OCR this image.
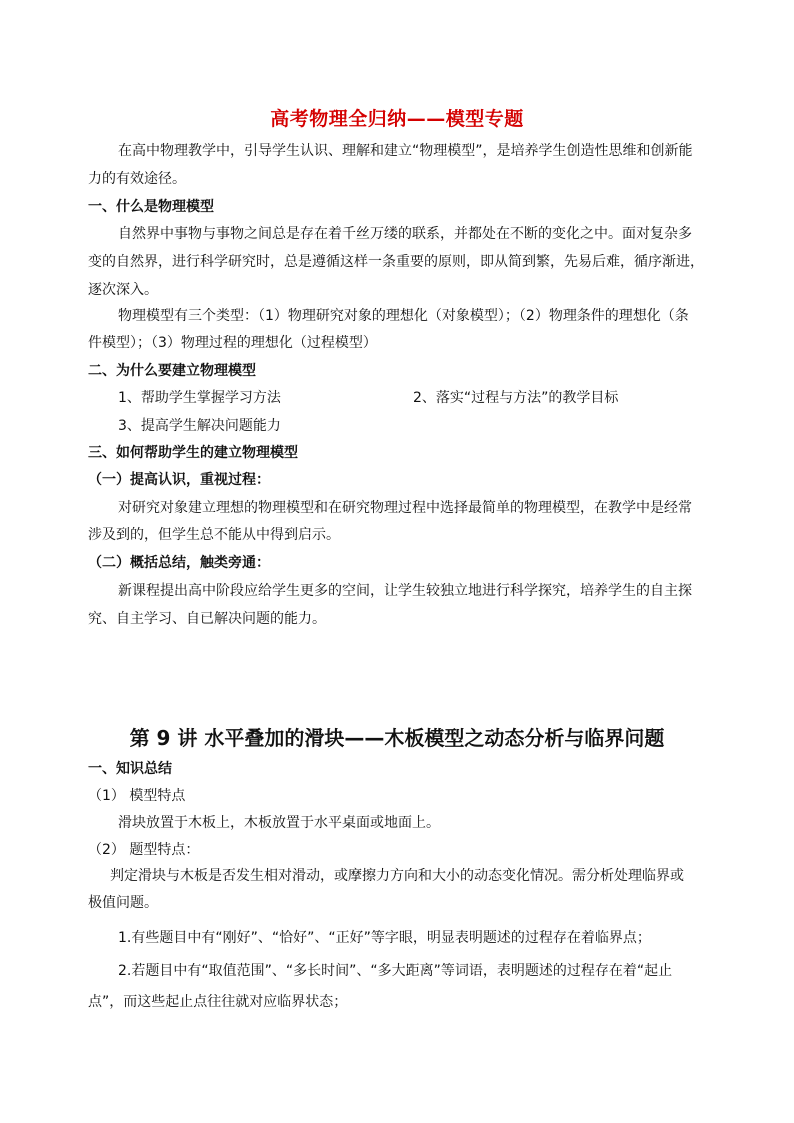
高考物理全归纳——模型专题
在高中物理教学中，引导学生认识、理解和建立“物理模型”，是培养学生创造性思维和创新能
力的有效途径。
一、什么是物理模型
自然界中事物与事物之间总是存在着千丝万缕的联系，并都处在不断的变化之中。面对复杂多
变的自然界，进行科学研究时，总是遵循这样一条重要的原则，即从简到繁，先易后难，循序渐进，
逐次深入。
物理模型有三个类型：（1）物理研究对象的理想化（对象模型）；（2）物理条件的理想化（条
件模型）；（3）物理过程的理想化（过程模型）
二、为什么要建立物理模型
1、帮助学生掌握学习方法	2、落实“过程与方法”的教学目标
3、提高学生解决问题能力
三、如何帮助学生的建立物理模型
（一）提高认识，重视过程：
对研究对象建立理想的物理模型和在研究物理过程中选择最简单的物理模型，在教学中是经常
涉及到的，但学生总不能从中得到启示。
（二）概括总结，触类旁通：
新课程提出高中阶段应给学生更多的空间，让学生较独立地进行科学探究，培养学生的自主探
究、自主学习、自已解决问题的能力。
第 9 讲 水平叠加的滑块——木板模型之动态分析与临界问题
一、知识总结
（1） 模型特点
滑块放置于木板上，木板放置于水平桌面或地面上。
（2） 题型特点：
判定滑块与木板是否发生相对滑动，或摩擦力方向和大小的动态变化情况。需分析处理临界或
极值问题。
1.有些题目中有“刚好”、“恰好”、“正好”等字眼，明显表明题述的过程存在着临界点；
2.若题目中有“取值范围”、“多长时间”、“多大距离”等词语，表明题述的过程存在着“起止
点”，而这些起止点往往就对应临界状态；
